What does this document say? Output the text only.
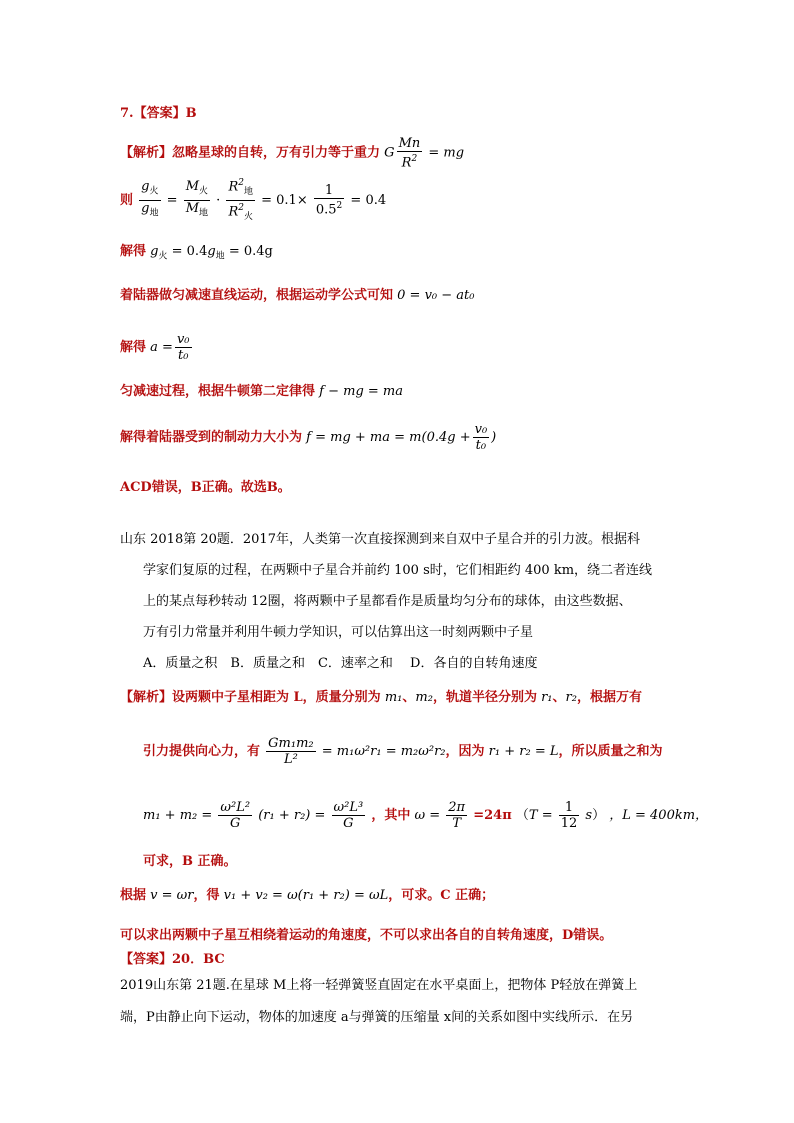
7.【答案】B
【解析】忽略星球的自转，万有引力等于重力 G $\frac{Mn}{R^2}$ = mg
则 $\frac{g_火}{g_地} = \frac{M_火}{M_地} \cdot \frac{R^2_地}{R^2_火} = 0.1\times \frac{1}{0.5^2} = 0.4$
解得 $g_火 = 0.4g_地 = 0.4g$
着陆器做匀减速直线运动，根据运动学公式可知 0 = v₀ − at₀
解得 $a = \frac{\text{v₀}}{\text{t₀}}$
匀减速过程，根据牛顿第二定律得 f − mg = ma
解得着陆器受到的制动力大小为 f = mg + ma = $m(0.4g + \frac{\text{v₀}}{\text{t₀}}$ )
ACD错误，B正确。故选B。
山东 2018第 20题．2017年，人类第一次直接探测到来自双中子星合并的引力波。根据科
学家们复原的过程，在两颗中子星合并前约 100 s时，它们相距约 400 km，绕二者连线
上的某点每秒转动 12圈，将两颗中子星都看作是质量均匀分布的球体，由这些数据、
万有引力常量并利用牛顿力学知识，可以估算出这一时刻两颗中子星
A．质量之积　B．质量之和　C．速率之和　 D．各自的自转角速度
【解析】设两颗中子星相距为 L，质量分别为 m₁、m₂，轨道半径分别为 r₁、r₂，根据万有
引力提供向心力，有 $\frac{\text{Gm₁m₂}}{\text{L²}} = m_1\omega^2r_1 = m_2\omega^2r_2$，因为 r₁ + r₂ = L，所以质量之和为
$m_1 + m_2 = \frac{\text{ω²L²}}{G} (r_1 + r_2) = \frac{\text{ω²L³}}{G}$ ，其中 $\omega = \frac{2\pi}{T} =24\pi$ $(T = \frac{1}{12} s)$ ，L = 400km，
可求，B 正确。
根据 v = ωr，得 v₁ + v₂ = ω(r₁ + r₂) = ωL，可求。C 正确；
可以求出两颗中子星互相绕着运动的角速度，不可以求出各自的自转角速度，D错误。
【答案】20．BC
2019山东第 21题.在星球 M上将一轻弹簧竖直固定在水平桌面上，把物体 P轻放在弹簧上
端，P由静止向下运动，物体的加速度 a与弹簧的压缩量 x间的关系如图中实线所示．在另
